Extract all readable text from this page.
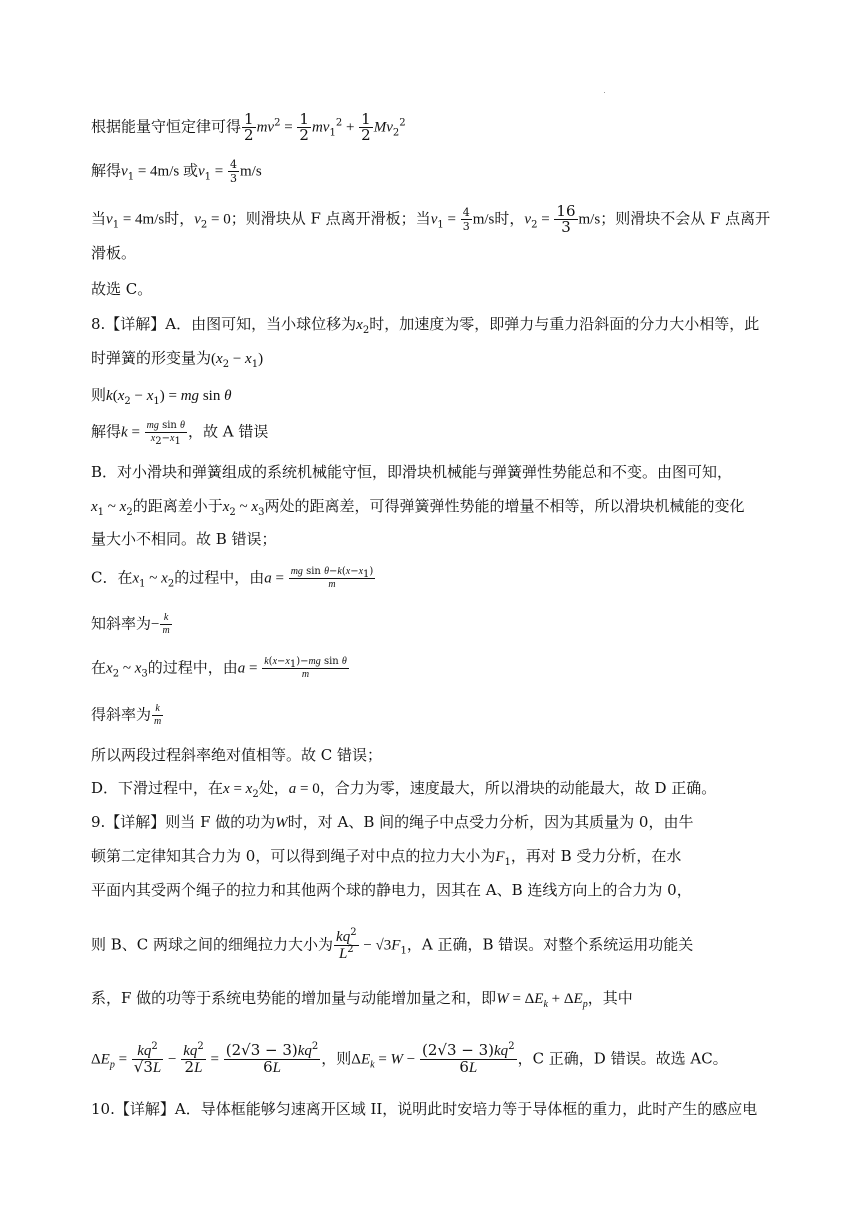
根据能量守恒定律可得 $\frac{1}{2} mv^2 = \frac{1}{2} mv_1^2 + \frac{1}{2} Mv_2^2$
解得$v_1 = 4m/s$ 或$v_1 = \frac{4}{3} m/s$
当$v_1 = 4m/s$时，$v_2 = 0$；则滑块从 F 点离开滑板；当$v_1 = \frac{4}{3} m/s$时，$v_2 = \frac{16}{3} m/s$；则滑块不会从 F 点离开
滑板。
故选 C。
8.【详解】A．由图可知，当小球位移为$x_2$时，加速度为零，即弹力与重力沿斜面的分力大小相等，此
时弹簧的形变量为$(x_2 - x_1)$
则$k(x_2 - x_1)$ = mg sin θ
解得$k = \frac{\text{mg sin θ}}{x_2-x_1}$ ，故 A 错误
B．对小滑块和弹簧组成的系统机械能守恒，即滑块机械能与弹簧弹性势能总和不变。由图可知，
$x_1$ ~ $x_2$的距离差小于$x_2$ ~ $x_3$两处的距离差，可得弹簧弹性势能的增量不相等，所以滑块机械能的变化
量大小不相同。故 B 错误；
C．在$x_1$ ~ $x_2$的过程中，由$a = \frac{mg \sin \theta-k(x-x_1)}{m}$
知斜率为− $\frac{k}{m}$
在$x_2$ ~ $x_3$的过程中，由$a = \frac{k(x-x_1)-mg \sin \theta}{m}$
得斜率为 $\frac{k}{m}$
所以两段过程斜率绝对值相等。故 C 错误；
D．下滑过程中，在$x = x_2$处，a = 0，合力为零，速度最大，所以滑块的动能最大，故 D 正确。
9.【详解】则当 F 做的功为W时，对 A、B 间的绳子中点受力分析，因为其质量为 0，由牛
顿第二定律知其合力为 0，可以得到绳子对中点的拉力大小为$F_1$，再对 B 受力分析，在水
平面内其受两个绳子的拉力和其他两个球的静电力，因其在 A、B 连线方向上的合力为 0，
则 B、C 两球之间的细绳拉力大小为 $\frac{kq^2}{L^2} - √3F_1$，A 正确，B 错误。对整个系统运用功能关
系，F 做的功等于系统电势能的增加量与动能增加量之和，即$W = \Delta E_k + \Delta E_p$，其中
$\Delta E_p = \frac{kq^2}{√3L} - \frac{kq^2}{2L} = \frac{(2√3 - 3)kq^2}{6L}$ ，则$\Delta E_k = W - \frac{(2√3 - 3)kq^2}{6L}$ ，C 正确，D 错误。故选 AC。
10.【详解】A．导体框能够匀速离开区域 II，说明此时安培力等于导体框的重力，此时产生的感应电
